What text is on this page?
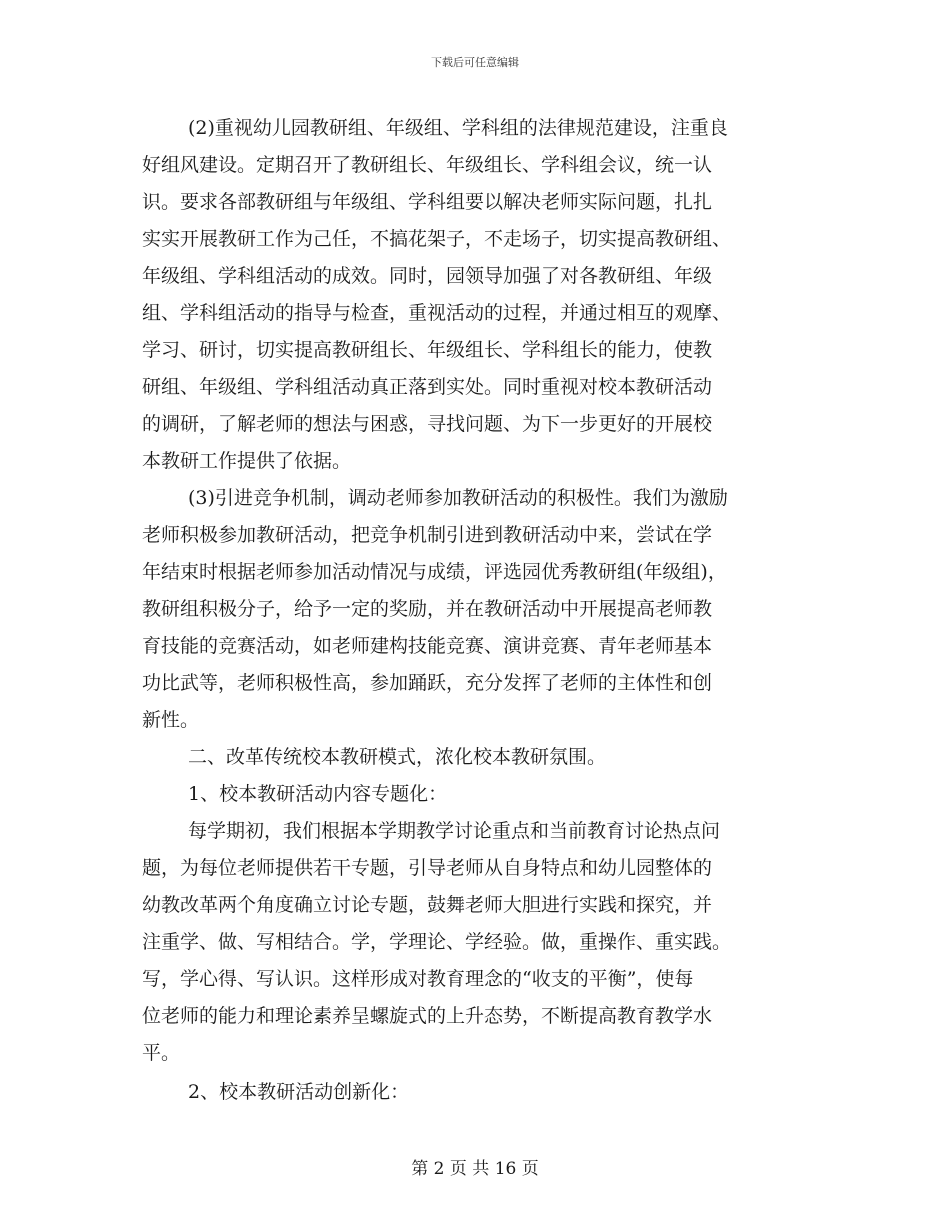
下载后可任意编辑
(2)重视幼儿园教研组、年级组、学科组的法律规范建设，注重良
好组风建设。定期召开了教研组长、年级组长、学科组会议，统一认
识。要求各部教研组与年级组、学科组要以解决老师实际问题，扎扎
实实开展教研工作为己任，不搞花架子，不走场子，切实提高教研组、
年级组、学科组活动的成效。同时，园领导加强了对各教研组、年级
组、学科组活动的指导与检查，重视活动的过程，并通过相互的观摩、
学习、研讨，切实提高教研组长、年级组长、学科组长的能力，使教
研组、年级组、学科组活动真正落到实处。同时重视对校本教研活动
的调研，了解老师的想法与困惑，寻找问题、为下一步更好的开展校
本教研工作提供了依据。
(3)引进竞争机制，调动老师参加教研活动的积极性。我们为激励
老师积极参加教研活动，把竞争机制引进到教研活动中来，尝试在学
年结束时根据老师参加活动情况与成绩，评选园优秀教研组(年级组)，
教研组积极分子，给予一定的奖励，并在教研活动中开展提高老师教
育技能的竞赛活动，如老师建构技能竞赛、演讲竞赛、青年老师基本
功比武等，老师积极性高，参加踊跃，充分发挥了老师的主体性和创
新性。
二、改革传统校本教研模式，浓化校本教研氛围。
1、校本教研活动内容专题化：
每学期初，我们根据本学期教学讨论重点和当前教育讨论热点问
题，为每位老师提供若干专题，引导老师从自身特点和幼儿园整体的
幼教改革两个角度确立讨论专题，鼓舞老师大胆进行实践和探究，并
注重学、做、写相结合。学，学理论、学经验。做，重操作、重实践。
写，学心得、写认识。这样形成对教育理念的“收支的平衡”，使每
位老师的能力和理论素养呈螺旋式的上升态势，不断提高教育教学水
平。
2、校本教研活动创新化：
第 2 页 共 16 页
